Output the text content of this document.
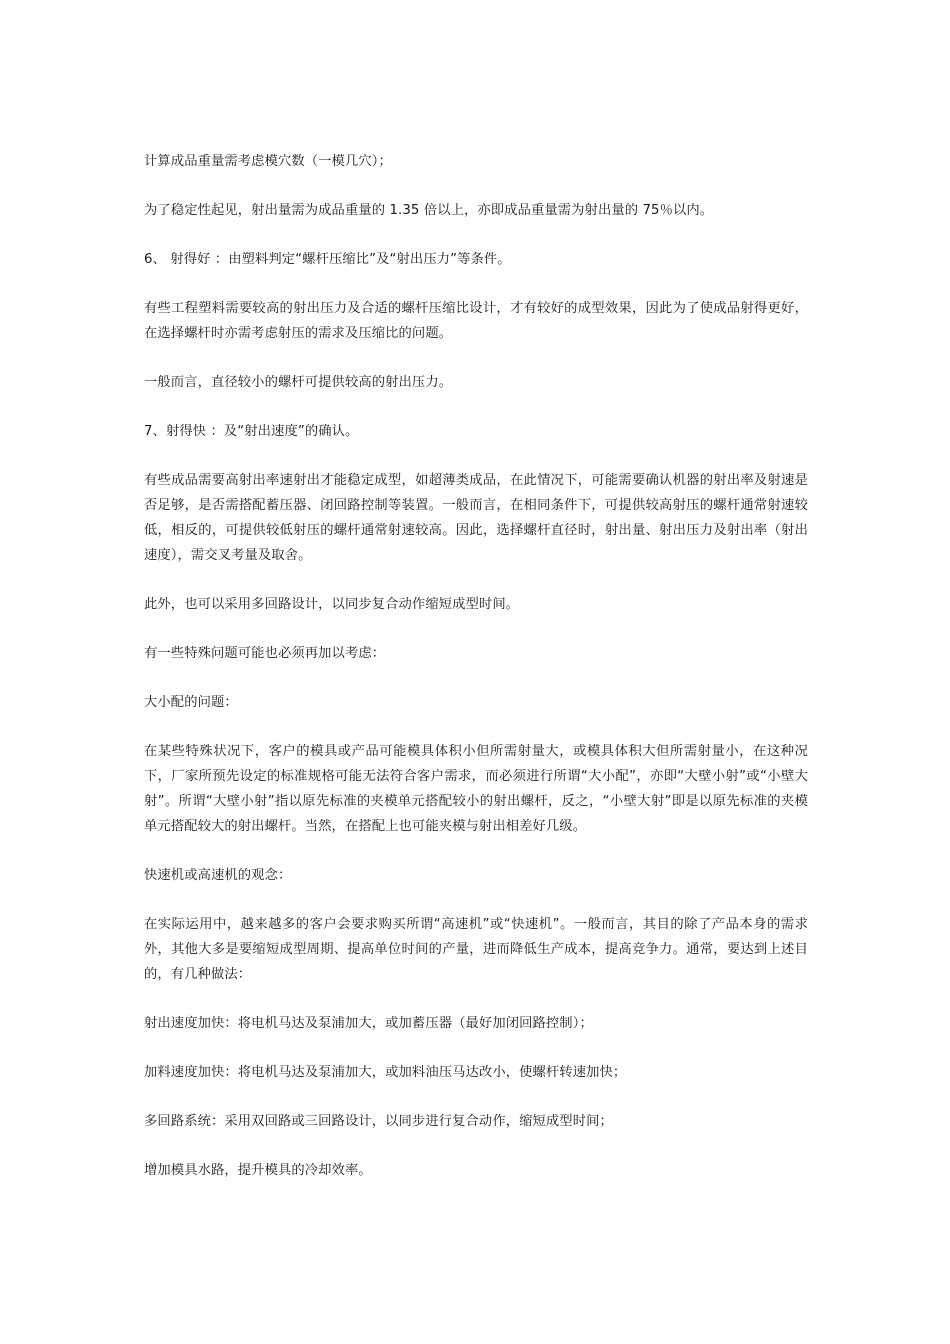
计算成品重量需考虑模穴数（一模几穴）；

为了稳定性起见，射出量需为成品重量的 1.35 倍以上，亦即成品重量需为射出量的 75％以内。

6、 射得好 ：由塑料判定“螺杆压缩比”及“射出压力”等条件。

有些工程塑料需要较高的射出压力及合适的螺杆压缩比设计，才有较好的成型效果，因此为了使成品射得更好，在选择螺杆时亦需考虑射压的需求及压缩比的问题。

一般而言，直径较小的螺杆可提供较高的射出压力。

7、射得快 ：及“射出速度”的确认。

有些成品需要高射出率速射出才能稳定成型，如超薄类成品，在此情况下，可能需要确认机器的射出率及射速是否足够，是否需搭配蓄压器、闭回路控制等装置。一般而言，在相同条件下，可提供较高射压的螺杆通常射速较低，相反的，可提供较低射压的螺杆通常射速较高。因此，选择螺杆直径时，射出量、射出压力及射出率（射出速度），需交叉考量及取舍。

此外，也可以采用多回路设计，以同步复合动作缩短成型时间。

有一些特殊问题可能也必须再加以考虑：

大小配的问题：

在某些特殊状况下，客户的模具或产品可能模具体积小但所需射量大，或模具体积大但所需射量小，在这种况下，厂家所预先设定的标准规格可能无法符合客户需求，而必须进行所谓“大小配”，亦即“大壁小射”或“小壁大射”。所谓“大壁小射”指以原先标准的夹模单元搭配较小的射出螺杆，反之，“小壁大射”即是以原先标准的夹模单元搭配较大的射出螺杆。当然，在搭配上也可能夹模与射出相差好几级。

快速机或高速机的观念：

在实际运用中，越来越多的客户会要求购买所谓“高速机”或“快速机”。一般而言，其目的除了产品本身的需求外，其他大多是要缩短成型周期、提高单位时间的产量，进而降低生产成本，提高竞争力。通常，要达到上述目的，有几种做法：

射出速度加快：将电机马达及泵浦加大，或加蓄压器（最好加闭回路控制）；

加料速度加快：将电机马达及泵浦加大，或加料油压马达改小，使螺杆转速加快；

多回路系统：采用双回路或三回路设计，以同步进行复合动作，缩短成型时间；

增加模具水路，提升模具的冷却效率。
